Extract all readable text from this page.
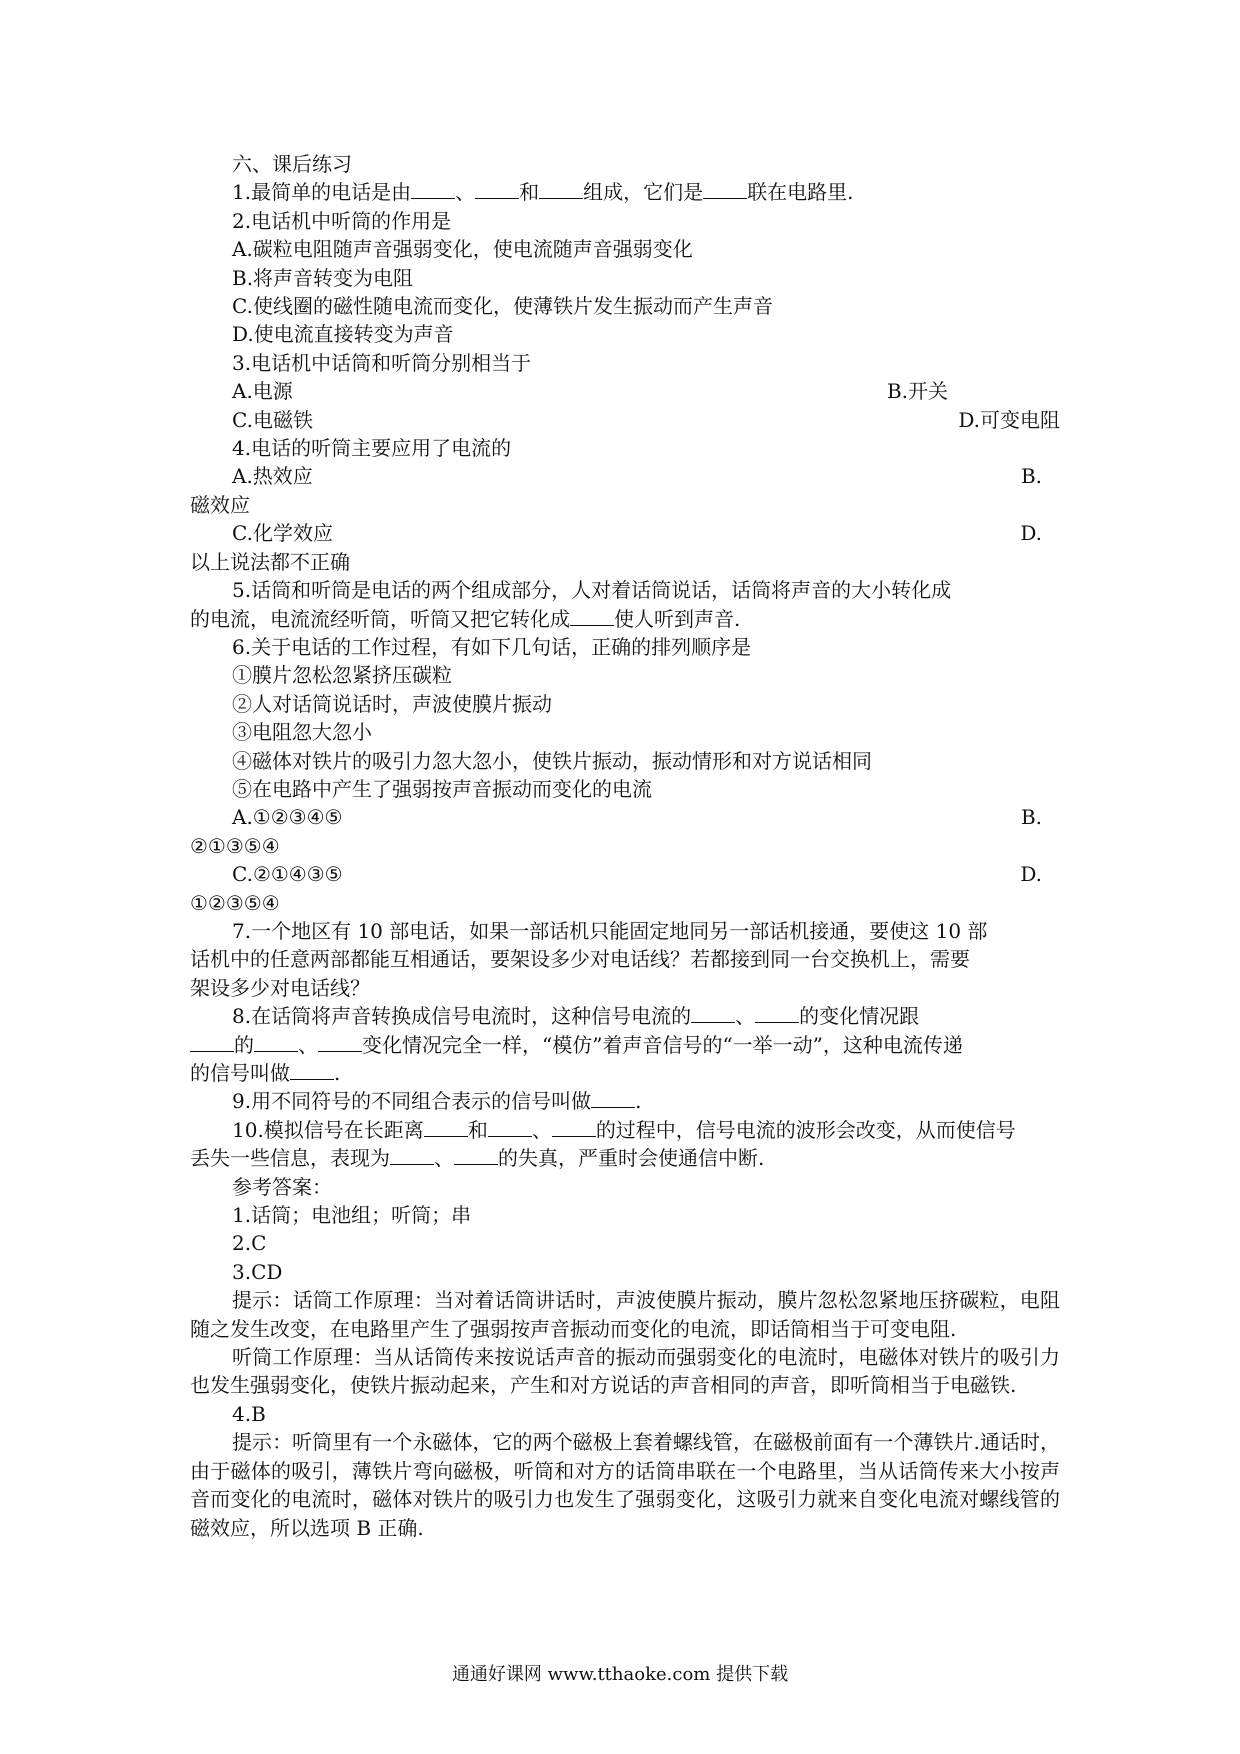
六、课后练习

1.最简单的电话是由 、 和 组成，它们是 联在电路里.

2.电话机中听筒的作用是

A.碳粒电阻随声音强弱变化，使电流随声音强弱变化

B.将声音转变为电阻

C.使线圈的磁性随电流而变化，使薄铁片发生振动而产生声音

D.使电流直接转变为声音

3.电话机中话筒和听筒分别相当于

A.电源	B.开关
C.电磁铁	D.可变电阻

4.电话的听筒主要应用了电流的

A.热效应	B.

磁效应

C.化学效应	D.

以上说法都不正确

5.话筒和听筒是电话的两个组成部分，人对着话筒说话，话筒将声音的大小转化成

的电流，电流流经听筒，听筒又把它转化成 使人听到声音.

6.关于电话的工作过程，有如下几句话，正确的排列顺序是

①膜片忽松忽紧挤压碳粒

②人对话筒说话时，声波使膜片振动

③电阻忽大忽小

④磁体对铁片的吸引力忽大忽小，使铁片振动，振动情形和对方说话相同

⑤在电路中产生了强弱按声音振动而变化的电流

A.①②③④⑤	B.

②①③⑤④

C.②①④③⑤	D.

①②③⑤④

7.一个地区有 10 部电话，如果一部话机只能固定地同另一部话机接通，要使这 10 部

话机中的任意两部都能互相通话，要架设多少对电话线？若都接到同一台交换机上，需要

架设多少对电话线？

8.在话筒将声音转换成信号电流时，这种信号电流的 、 的变化情况跟

的 、 变化情况完全一样，“模仿”着声音信号的“一举一动”，这种电流传递

的信号叫做 .

9.用不同符号的不同组合表示的信号叫做 .

10.模拟信号在长距离 和 、 的过程中，信号电流的波形会改变，从而使信号

丢失一些信息，表现为 、 的失真，严重时会使通信中断.

参考答案：

1.话筒；电池组；听筒；串

2.C

3.CD

提示：话筒工作原理：当对着话筒讲话时，声波使膜片振动，膜片忽松忽紧地压挤碳粒，电阻随之发生改变，在电路里产生了强弱按声音振动而变化的电流，即话筒相当于可变电阻.

听筒工作原理：当从话筒传来按说话声音的振动而强弱变化的电流时，电磁体对铁片的吸引力也发生强弱变化，使铁片振动起来，产生和对方说话的声音相同的声音，即听筒相当于电磁铁.

4.B

提示：听筒里有一个永磁体，它的两个磁极上套着螺线管，在磁极前面有一个薄铁片.通话时，由于磁体的吸引，薄铁片弯向磁极，听筒和对方的话筒串联在一个电路里，当从话筒传来大小按声音而变化的电流时，磁体对铁片的吸引力也发生了强弱变化，这吸引力就来自变化电流对螺线管的磁效应，所以选项 B 正确.

通通好课网 www.tthaoke.com 提供下载
